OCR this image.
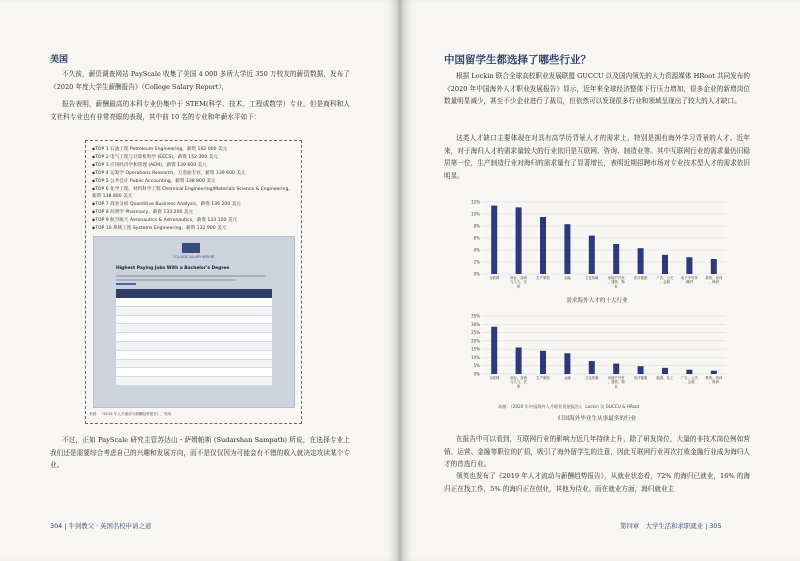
美国

不久前，薪资调查网站 PayScale 收集了美国 4 000 多所大学近 350 万校友的薪资数据，发布了《2020 年度大学生薪酬报告》（College Salary Report），

报告表明，薪酬最高的本科专业仍集中于 STEM(科学、技术、工程或数学）专业，但是商科和人文社科专业也有非常亮眼的表现，其中前 10 名的专业和年薪水平如下：

◆ TOP 1 石油工程 Petroleum Engineering，薪资 182 000 美元
◆ TOP 2 电气工程与计算机科学 (EECS)，薪资 152 300 美元
◆ TOP 3 应用经济学和管理 (AEM)，薪资 139 600 美元
◆ TOP 4 运筹学 Operations Research，万金油专业，薪资 139 600 美元
◆ TOP 5 公共会计 Public Accounting，薪资 138 800 美元
◆ TOP 6 化学工程、材料科学工程 Chemical Engineering/Materials Science & Engineering，薪资 138 800 美元
◆ TOP 7 商业分析 Quantitive Business Analysis，薪资 136 200 美元
◆ TOP 8 药剂学 Pharmacy，薪资 133 200 美元
◆ TOP 9 航空航天 Aeronautics & Astronautics，薪资 133 100 美元
◆ TOP 10 系统工程 Systems Engineering，薪资 132 900 美元
COLLEGE SALARY REPORT
Highest Paying Jobs With a Bachelor's Degree
来源：《2019 年人才流动与薪酬趋势报告》，领英

不过，正如 PayScale 研究主管苏达山・萨姆帕斯 (Sudarshan Sampath) 所说，在选择专业上我们还是需要综合考虑自己的兴趣和发展方向，而不是仅仅因为可能会有不错的收入就决定攻读某个专业。

304 | 牛剑教父 · 英国名校申请之道
中国留学生都选择了哪些行业？

根据 Lockin 联合全球高校职业发展联盟 GUCCU 以及国内领先的人力资源媒体 HRoot 共同发布的《2020 年中国海外人才职业发展报告》显示，近年来全球经济整体下行压力增加，很多企业的新增岗位数量明显减少，甚至不少企业进行了裁员，但依然可以发现很多行业和领域呈现出了较大的人才缺口。

这类人才缺口主要体现在对具有高学历背景人才的需求上，特别是拥有海外学习背景的人才。近年来，对于海归人才的需求量较大的行业依旧是互联网、咨询、制造业等。其中互联网行业的需求量仍旧稳居第一位，生产制造行业对海归的需求量有了显著增长，表明近期招聘市场对专业技术型人才的需求依旧明显。

0%
2%
4%
6%
8%
10%
12%
互联网	商业、咨询
与人力、法
律
生产制造	金融	文化传媒	房地产开发
、建筑、物
业
医疗健康	广告、公关
、会展
电子半导体
/硬件
教育、培训
、科研
需求海外人才的十大行业
0%
5%
10%
15%
20%
25%
30%
35%
互联网	商业、咨询
与人力、法
律
生产制造	金融	文化传媒	房地产开发
、建筑、物
业
医疗健康	能源、化工 广告、公关
、会展
教育、培训
、科研
来源：《2020 年中国海外人才职业发展报告》，Lockin 及 GUCCU & HRoot
归国海外毕业生从事最多的行业

在报告中可以看到，互联网行业的影响力近几年持续上升，除了研发岗位，大量的非技术岗位例如营销、运营、金融等职位的扩招，吸引了海外留学生的注意，因此互联网行业再次打败金融行业成为海归人才的首选行业。

领英也发布了《2019 年人才流动与薪酬趋势报告》，从就业状态看，72% 的海归已就业，16% 的海归正在找工作，5% 的海归正在创业，其他为待业。而在就业方面，海归就业主

第四章　大学生活和求职就业 | 305
